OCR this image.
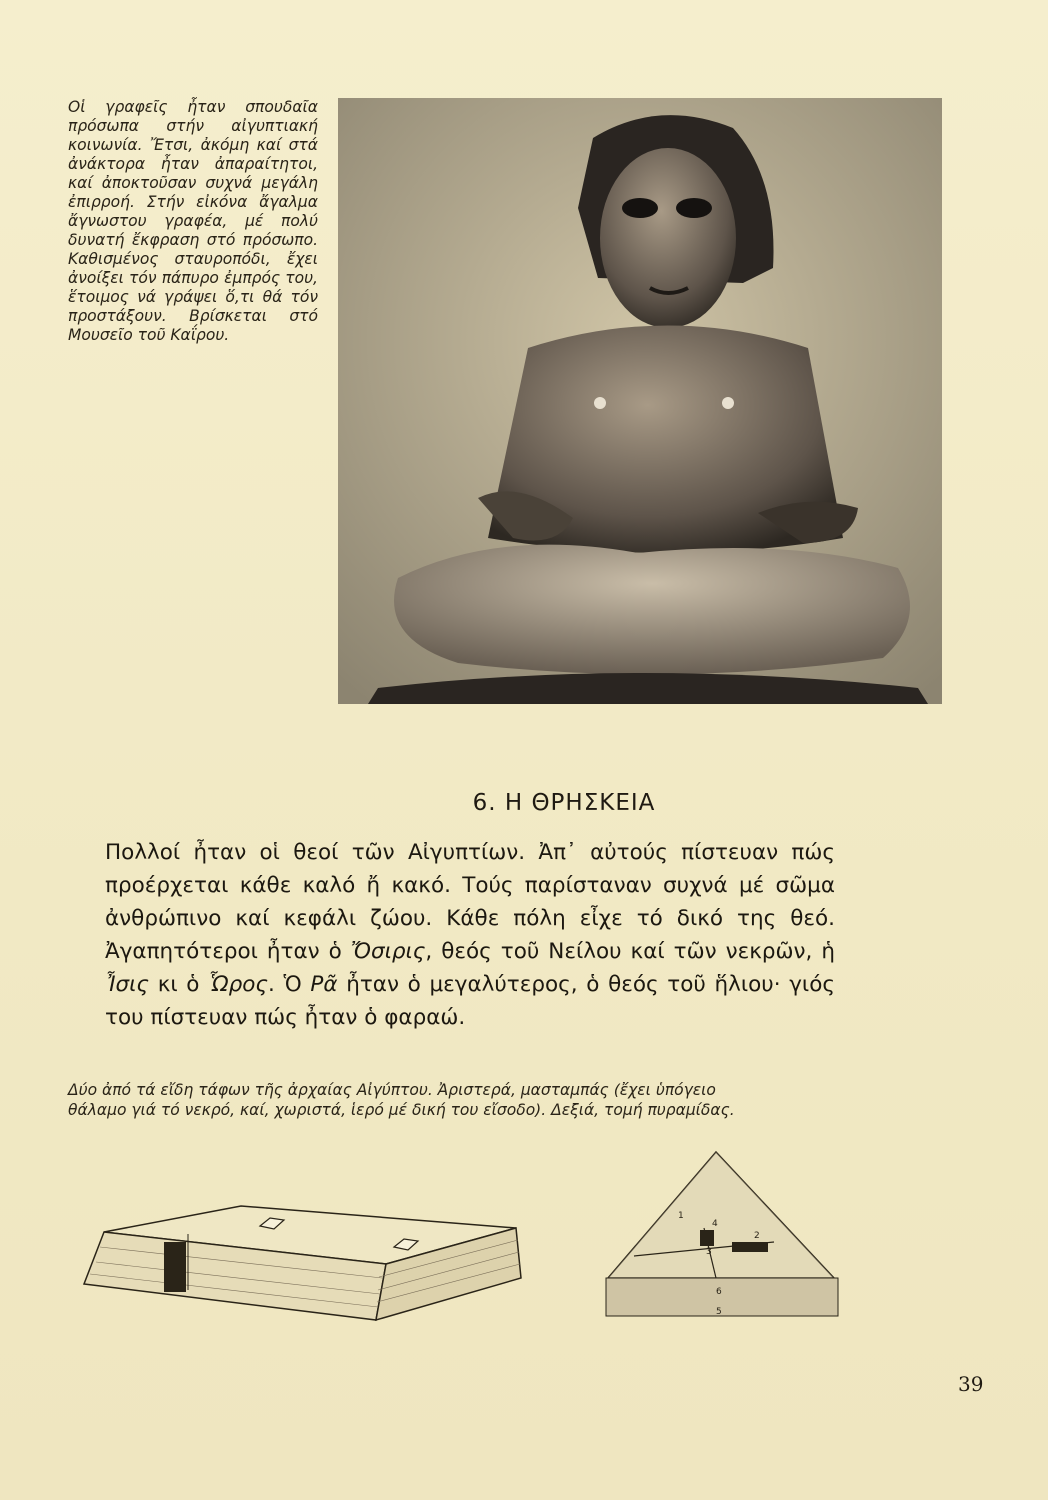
Οἱ γραφεῖς ἦταν σπουδαῖα πρόσωπα στήν αἰγυπτιακή κοινωνία. Ἔτσι, ἀκόμη καί στά ἀνάκτορα ἦταν ἀπαραίτητοι, καί ἀποκτοῦσαν συχνά μεγάλη ἐπιρροή. Στήν εἰκόνα ἄγαλμα ἄγνωστου γραφέα, μέ πολύ δυνατή ἔκφραση στό πρόσωπο. Καθισμένος σταυροπόδι, ἔχει ἀνοίξει τόν πάπυρο ἐμπρός του, ἕτοιμος νά γράψει ὅ,τι θά τόν προστάξουν. Βρίσκεται στό Μουσεῖο τοῦ Καΐρου.
6. Η ΘΡΗΣΚΕΙΑ

Πολλοί ἦταν οἱ θεοί τῶν Αἰγυπτίων. Ἀπ᾿ αὐτούς πίστευαν πώς προέρχεται κάθε καλό ἤ κακό. Τούς παρίσταναν συχνά μέ σῶμα ἀνθρώπινο καί κεφάλι ζώου. Κάθε πόλη εἶχε τό δικό της θεό. Ἀγαπητότεροι ἦταν ὁ Ὄσιρις, θεός τοῦ Νείλου καί τῶν νεκρῶν, ἡ Ἶσις κι ὁ Ὧρος. Ὁ Ρᾶ ἦταν ὁ μεγαλύτερος, ὁ θεός τοῦ ἥλιου· γιός του πίστευαν πώς ἦταν ὁ φαραώ.

Δύο ἀπό τά εἴδη τάφων τῆς ἀρχαίας Αἰγύπτου. Ἀριστερά, μασταμπάς (ἔχει ὑπόγειο θάλαμο γιά τό νεκρό, καί, χωριστά, ἱερό μέ δική του εἴσοδο). Δεξιά, τομή πυραμίδας.
1
2
3
4
5
6
39
